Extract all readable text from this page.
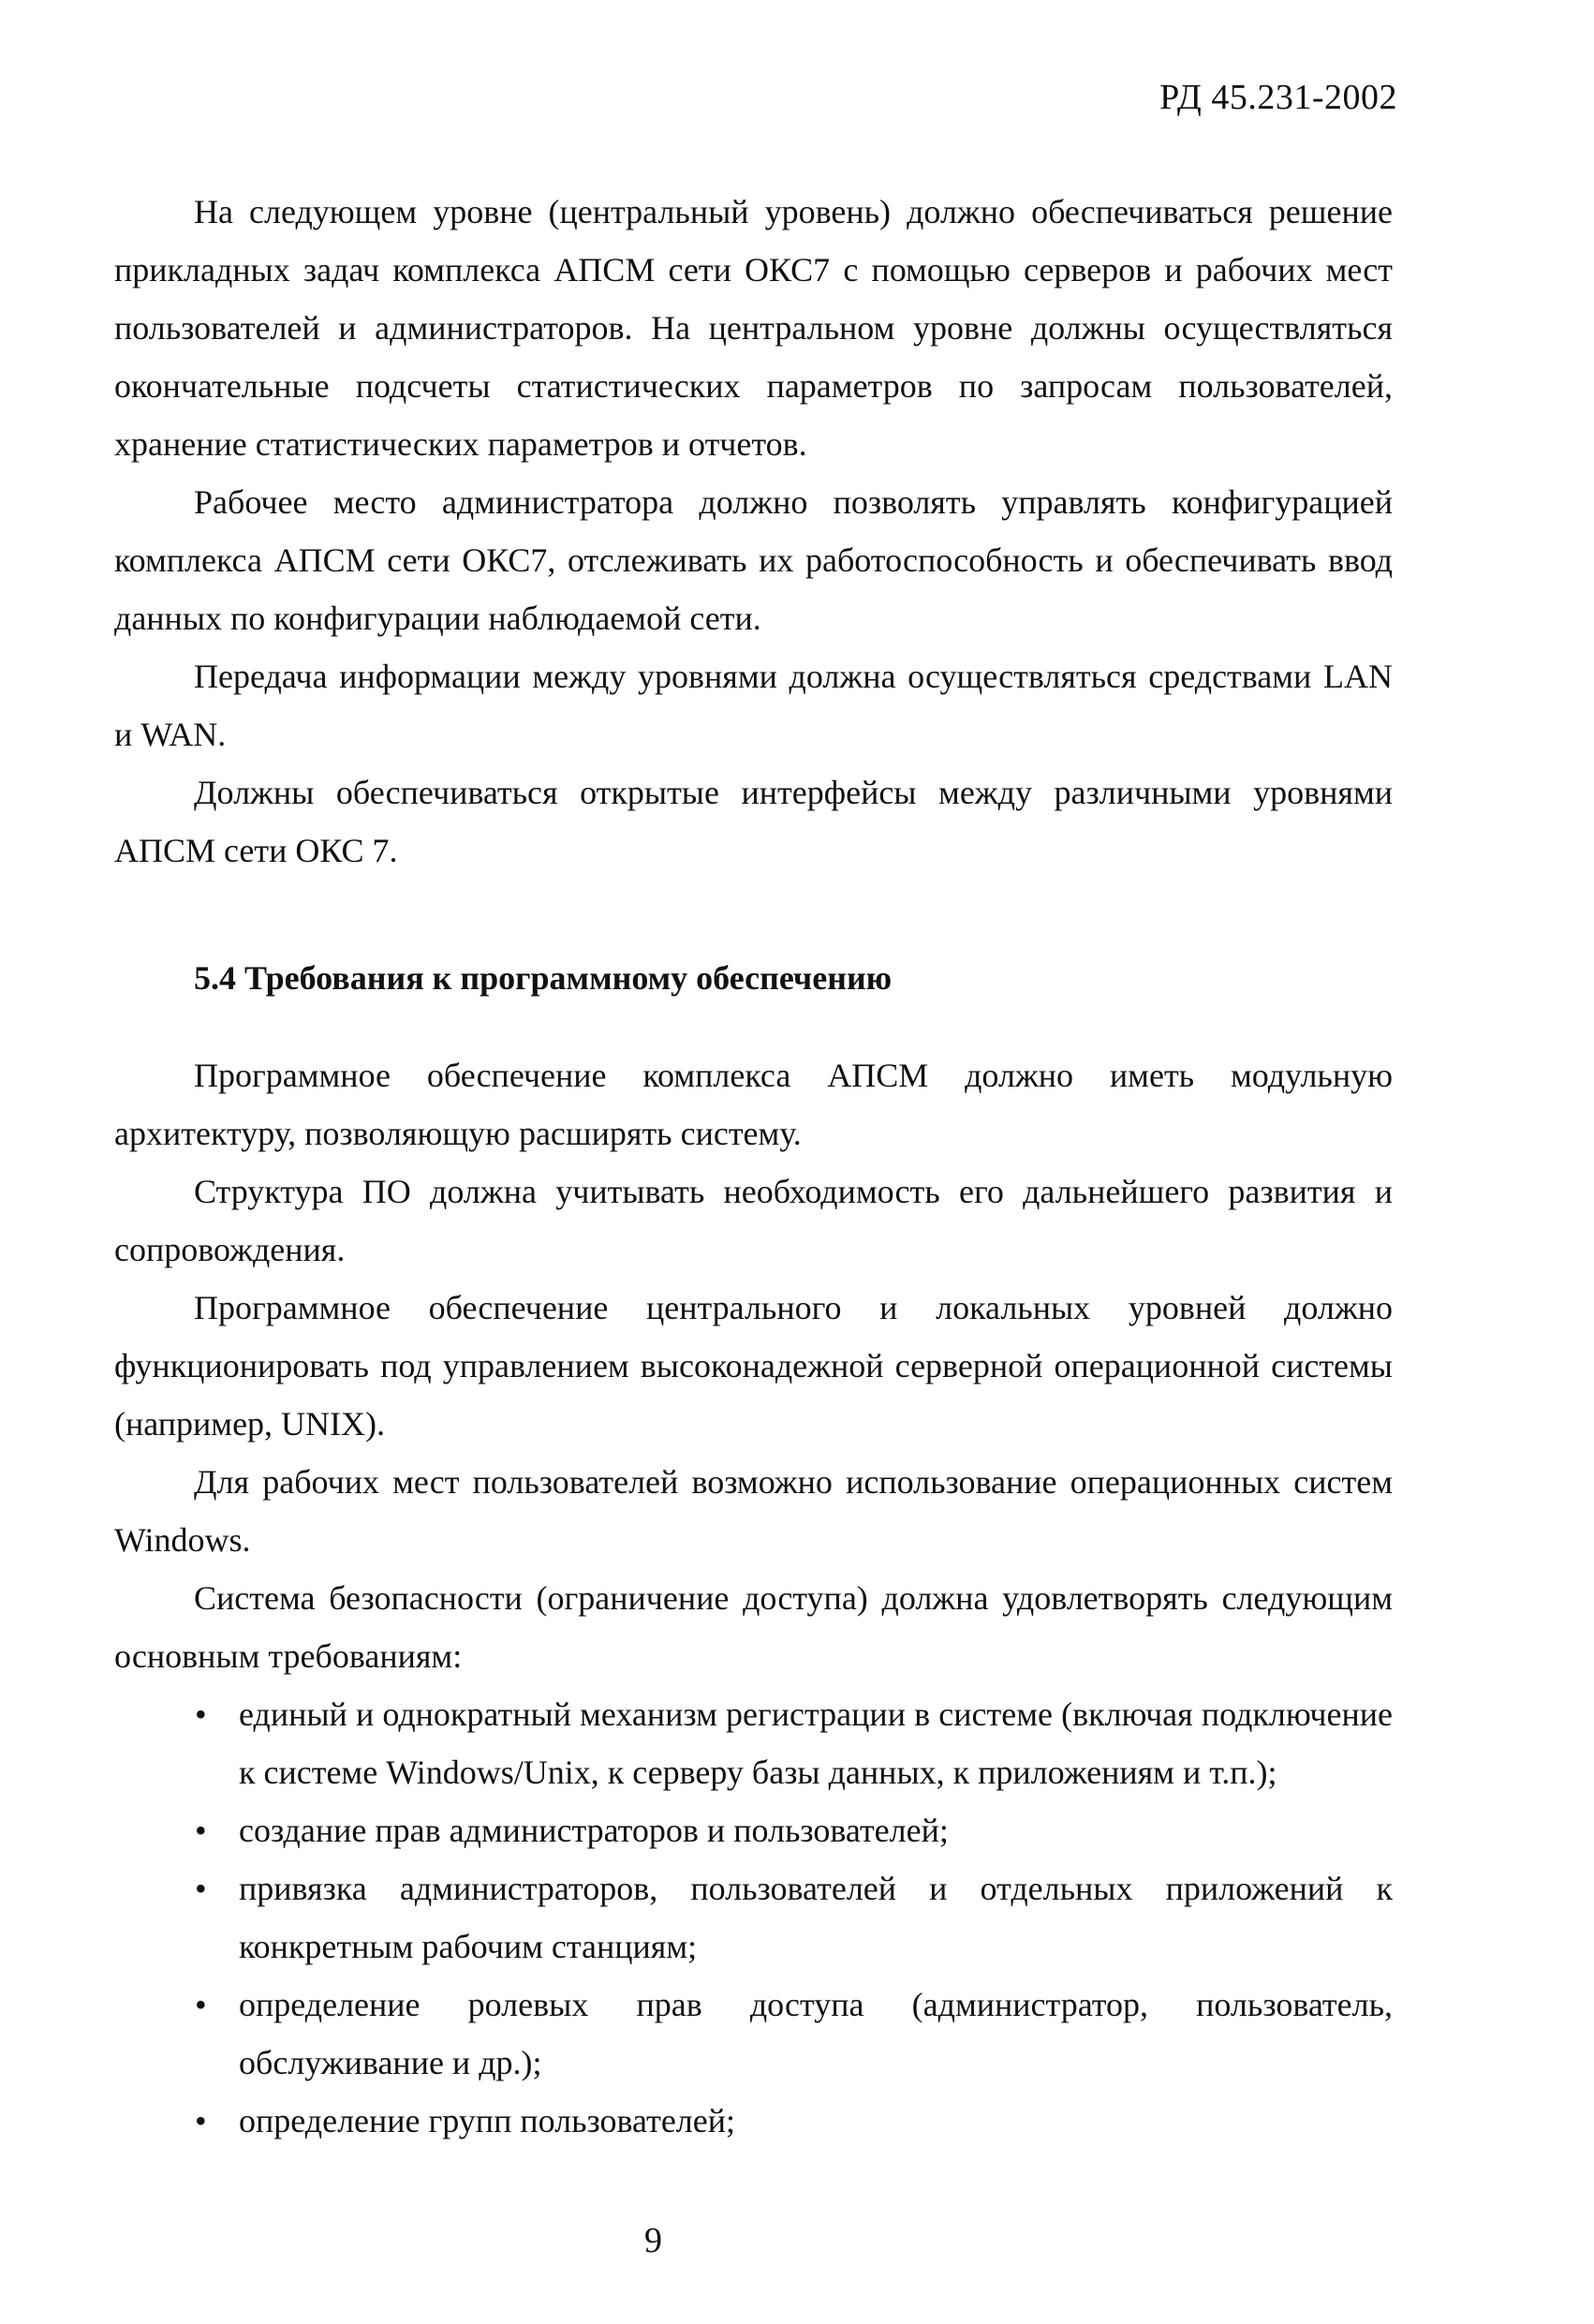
РД 45.231-2002

На следующем уровне (центральный уровень) должно обеспечиваться решение прикладных задач комплекса АПСМ сети ОКС7 с помощью серверов и рабочих мест пользователей и администраторов. На центральном уровне должны осуществляться окончательные подсчеты статистических параметров по запросам пользователей, хранение статистических параметров и отчетов.

Рабочее место администратора должно позволять управлять конфигурацией комплекса АПСМ сети ОКС7, отслеживать их работоспособность и обеспечивать ввод данных по конфигурации наблюдаемой сети.

Передача информации между уровнями должна осуществляться средствами LAN и WAN.

Должны обеспечиваться открытые интерфейсы между различными уровнями АПСМ сети ОКС 7.

5.4 Требования к программному обеспечению

Программное обеспечение комплекса АПСМ должно иметь модульную архитектуру, позволяющую расширять систему.

Структура ПО должна учитывать необходимость его дальнейшего развития и сопровождения.

Программное обеспечение центрального и локальных уровней должно функционировать под управлением высоконадежной серверной операционной системы (например, UNIX).

Для рабочих мест пользователей возможно использование операционных систем Windows.

Система безопасности (ограничение доступа) должна удовлетворять следующим основным требованиям:

• единый и однократный механизм регистрации в системе (включая подключение к системе Windows/Unix, к серверу базы данных, к приложениям и т.п.);
• создание прав администраторов и пользователей;
• привязка администраторов, пользователей и отдельных приложений к конкретным рабочим станциям;
• определение ролевых прав доступа (администратор, пользователь, обслуживание и др.);
• определение групп пользователей;
9
